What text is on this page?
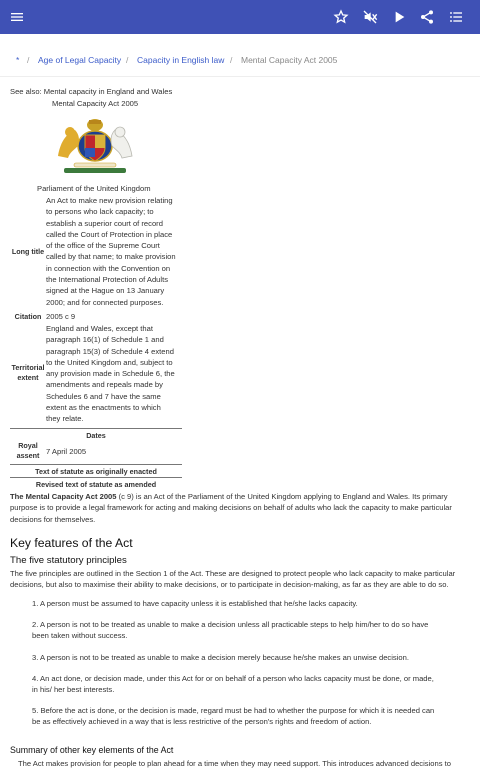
* / Age of Legal Capacity / Capacity in English law / Mental Capacity Act 2005
See also: Mental capacity in England and Wales
Mental Capacity Act 2005
Parliament of the United Kingdom
Long title
An Act to make new provision relating
to persons who lack capacity; to
establish a superior court of record
called the Court of Protection in place
of the office of the Supreme Court
called by that name; to make provision
in connection with the Convention on
the International Protection of Adults
signed at the Hague on 13 January
2000; and for connected purposes.
Citation 2005 c 9
Territorial
extent
England and Wales, except that
paragraph 16(1) of Schedule 1 and
paragraph 15(3) of Schedule 4 extend
to the United Kingdom and, subject to
any provision made in Schedule 6, the
amendments and repeals made by
Schedules 6 and 7 have the same
extent as the enactments to which
they relate.
Dates
Royal
assent 7 April 2005
Text of statute as originally enacted
Revised text of statute as amended
The Mental Capacity Act 2005 (c 9) is an Act of the Parliament of the United Kingdom applying to England and Wales. Its primary
purpose is to provide a legal framework for acting and making decisions on behalf of adults who lack the capacity to make particular
decisions for themselves.
Key features of the Act
The five statutory principles
The five principles are outlined in the Section 1 of the Act. These are designed to protect people who lack capacity to make particular
decisions, but also to maximise their ability to make decisions, or to participate in decision-making, as far as they are able to do so.
1. A person must be assumed to have capacity unless it is established that he/she lacks capacity.
2. A person is not to be treated as unable to make a decision unless all practicable steps to help him/her to do so have
been taken without success.
3. A person is not to be treated as unable to make a decision merely because he/she makes an unwise decision.
4. An act done, or decision made, under this Act for or on behalf of a person who lacks capacity must be done, or made,
in his/ her best interests.
5. Before the act is done, or the decision is made, regard must be had to whether the purpose for which it is needed can
be as effectively achieved in a way that is less restrictive of the person's rights and freedom of action.
Summary of other key elements of the Act
• The Act makes provision for people to plan ahead for a time when they may need support. This introduces advanced decisions to
